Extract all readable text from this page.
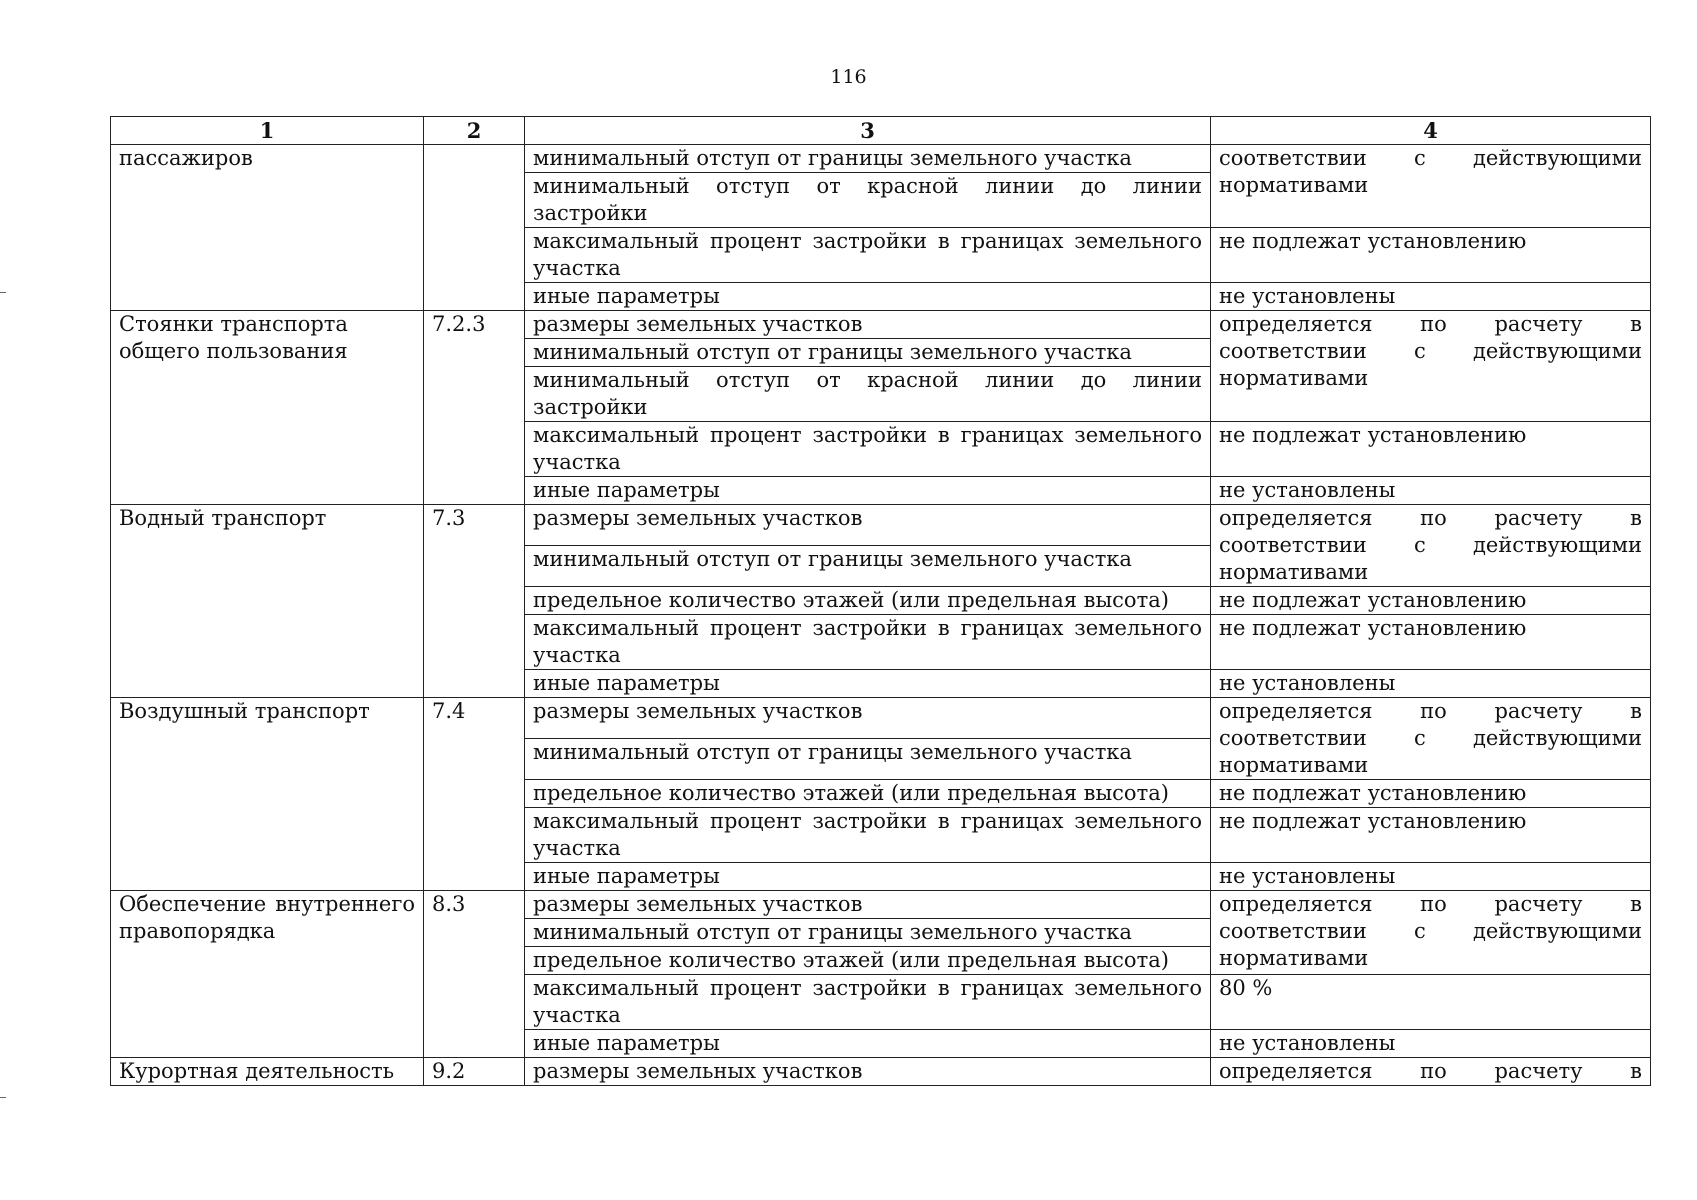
116
1	2	3	4

пассажиров		минимальный отступ от границы земельного участка	соответствии с действующими
нормативами

		минимальный отступ от красной линии до линии застройки	
		максимальный процент застройки в границах земельного участка	не подлежат установлению

		иные параметры	не установлены

Стоянки транспорта
общего пользования	7.2.3	размеры земельных участков	определяется по расчету в
соответствии с действующими
нормативами

		минимальный отступ от границы земельного участка	
		минимальный отступ от красной линии до линии застройки	
		максимальный процент застройки в границах земельного участка	не подлежат установлению

		иные параметры	не установлены

Водный транспорт	7.3	размеры земельных участков	определяется по расчету в
соответствии с действующими
нормативами

		минимальный отступ от границы земельного участка	
		предельное количество этажей (или предельная высота)	не подлежат установлению

		максимальный процент застройки в границах земельного участка	не подлежат установлению

		иные параметры	не установлены

Воздушный транспорт	7.4	размеры земельных участков	определяется по расчету в
соответствии с действующими
нормативами

		минимальный отступ от границы земельного участка	
		предельное количество этажей (или предельная высота)	не подлежат установлению

		максимальный процент застройки в границах земельного участка	не подлежат установлению

		иные параметры	не установлены

Обеспечение внутреннего
правопорядка	8.3	размеры земельных участков	определяется по расчету в
соответствии с действующими
нормативами

		минимальный отступ от границы земельного участка	
		предельное количество этажей (или предельная высота)	
		максимальный процент застройки в границах земельного участка	80 %

		иные параметры	не установлены

Курортная деятельность	9.2	размеры земельных участков	определяется по расчету в
